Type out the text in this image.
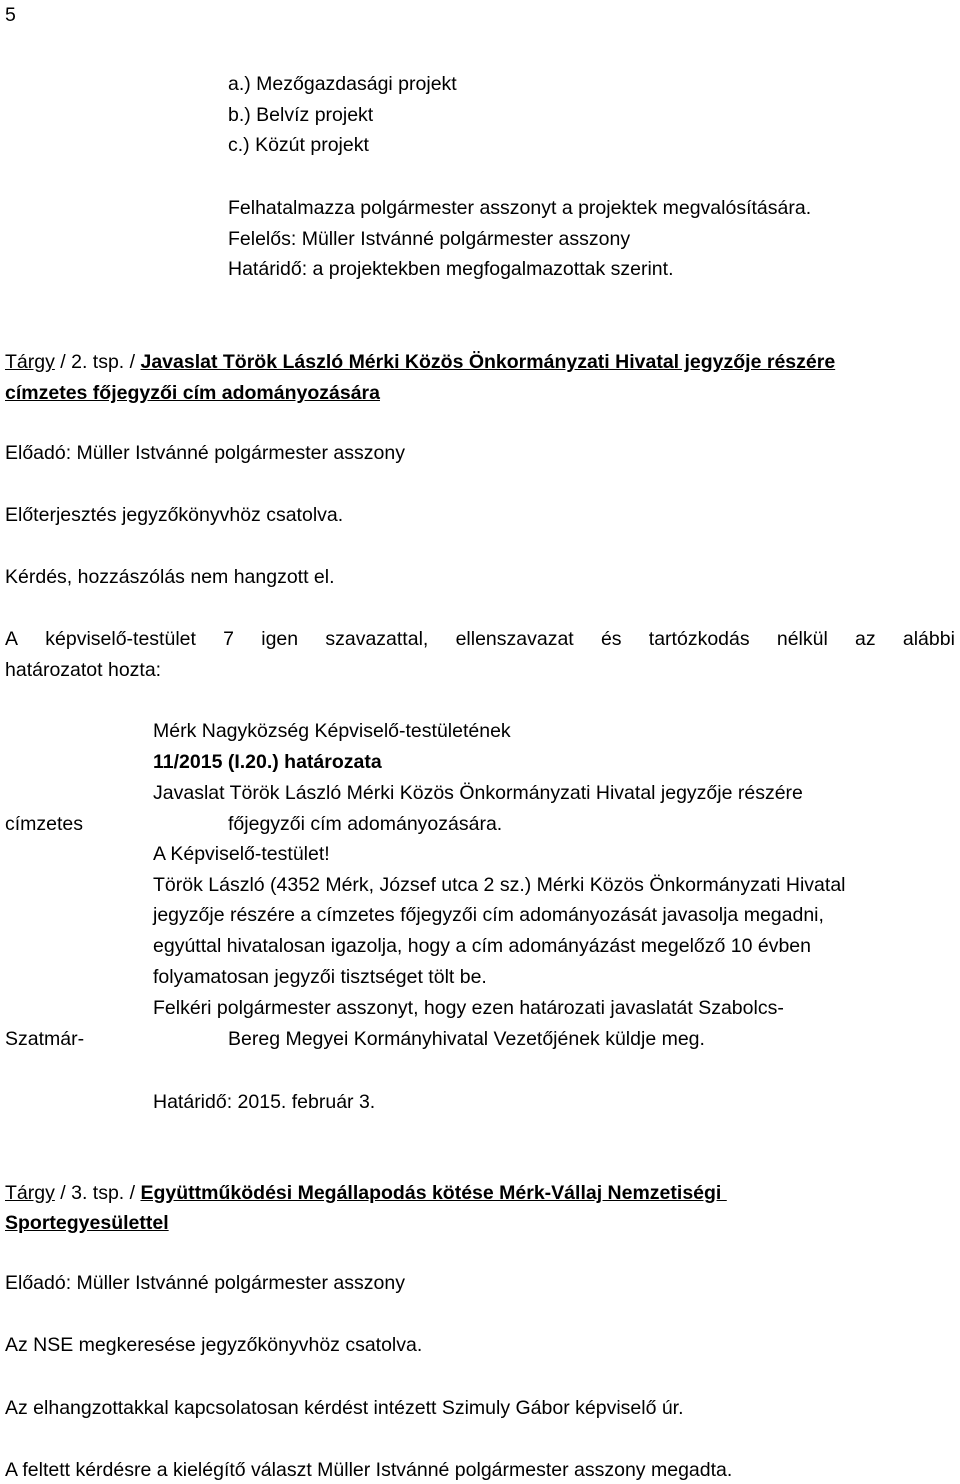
5
a.) Mezőgazdasági projekt
b.) Belvíz projekt
c.) Közút projekt
Felhatalmazza polgármester asszonyt a projektek megvalósítására.
Felelős: Müller Istvánné polgármester asszony
Határidő: a projektekben megfogalmazottak szerint.
Tárgy / 2. tsp. / Javaslat Török László Mérki Közös Önkormányzati Hivatal jegyzője részére
címzetes főjegyzői cím adományozására
Előadó: Müller Istvánné polgármester asszony
Előterjesztés jegyzőkönyvhöz csatolva.
Kérdés, hozzászólás nem hangzott el.
A képviselő-testület 7 igen szavazattal, ellenszavazat és tartózkodás nélkül az alábbi
határozatot hozta:
Mérk Nagyközség Képviselő-testületének
11/2015 (I.20.) határozata
Javaslat Török László Mérki Közös Önkormányzati Hivatal jegyzője részére
címzetes	főjegyzői cím adományozására.
A Képviselő-testület!
Török László (4352 Mérk, József utca 2 sz.) Mérki Közös Önkormányzati Hivatal
jegyzője részére a címzetes főjegyzői cím adományozását javasolja megadni,
egyúttal hivatalosan igazolja, hogy a cím adományázást megelőző 10 évben
folyamatosan jegyzői tisztséget tölt be.
Felkéri polgármester asszonyt, hogy ezen határozati javaslatát Szabolcs-
Szatmár-	Bereg Megyei Kormányhivatal Vezetőjének küldje meg.
Határidő: 2015. február 3.
Tárgy / 3. tsp. / Együttműködési Megállapodás kötése Mérk-Vállaj Nemzetiségi
Sportegyesülettel
Előadó: Müller Istvánné polgármester asszony
Az NSE megkeresése jegyzőkönyvhöz csatolva.
Az elhangzottakkal kapcsolatosan kérdést intézett Szimuly Gábor képviselő úr.
A feltett kérdésre a kielégítő választ Müller Istvánné polgármester asszony megadta.
